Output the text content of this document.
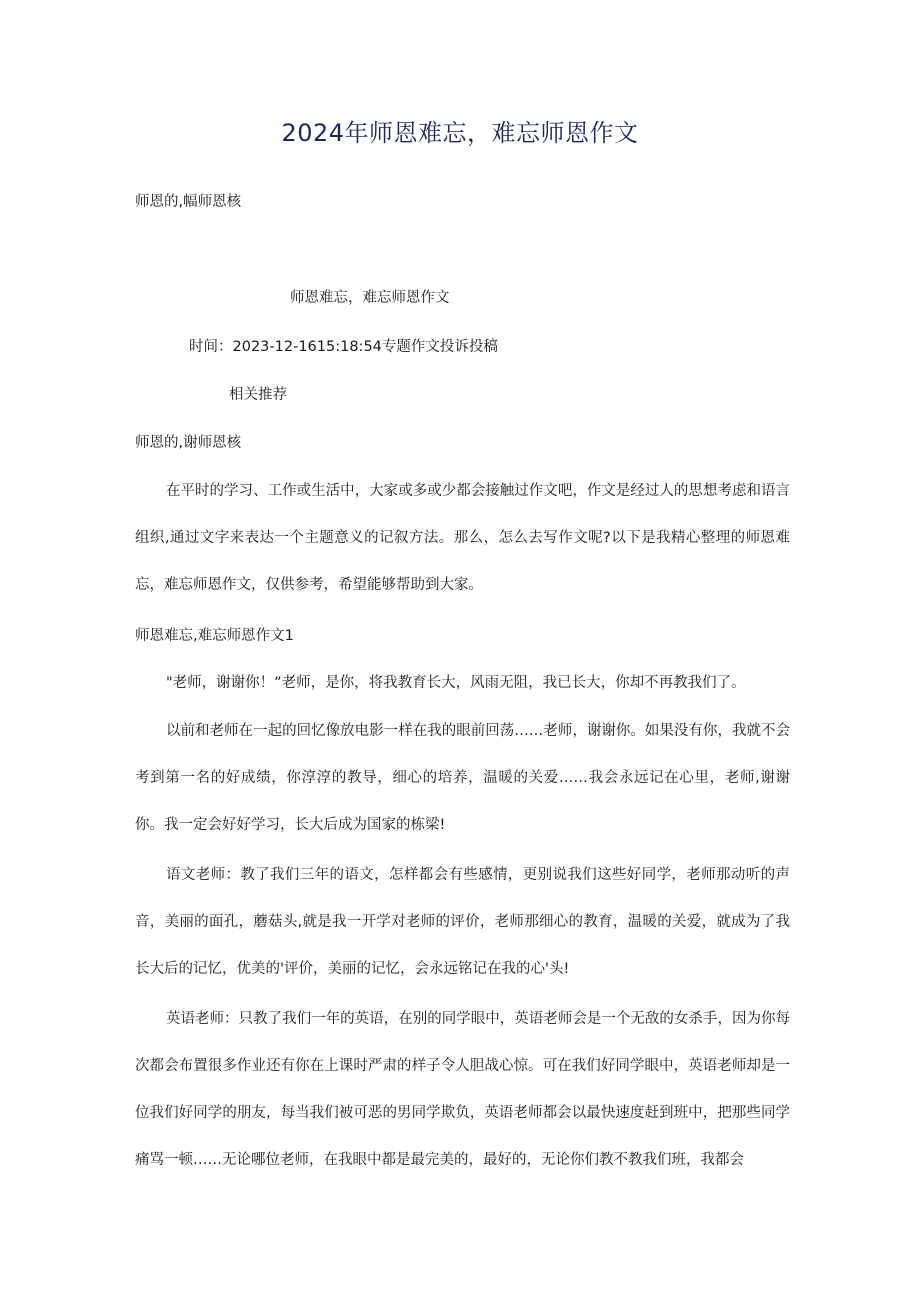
2024年师恩难忘，难忘师恩作文

师恩的,幅师恩核

师恩难忘，难忘师恩作文

时间：2023-12-1615:18:54专题作文投诉投稿

相关推荐

师恩的,谢师恩核

在平时的学习、工作或生活中，大家或多或少都会接触过作文吧，作文是经过人的思想考虑和语言组织,通过文字来表达一个主题意义的记叙方法。那么，怎么去写作文呢?以下是我精心整理的师恩难忘，难忘师恩作文，仅供参考，希望能够帮助到大家。

师恩难忘,难忘师恩作文1

"老师，谢谢你！”老师，是你，将我教育长大，风雨无阻，我已长大，你却不再教我们了。

以前和老师在一起的回忆像放电影一样在我的眼前回荡……老师，谢谢你。如果没有你，我就不会考到第一名的好成绩，你淳淳的教导，细心的培养，温暖的关爱……我会永远记在心里，老师,谢谢你。我一定会好好学习，长大后成为国家的栋梁!

语文老师：教了我们三年的语文，怎样都会有些感情，更别说我们这些好同学，老师那动听的声音，美丽的面孔，蘑菇头,就是我一开学对老师的评价，老师那细心的教育，温暖的关爱，就成为了我长大后的记忆，优美的'评价，美丽的记忆，会永远铭记在我的心'头!

英语老师：只教了我们一年的英语，在别的同学眼中，英语老师会是一个无敌的女杀手，因为你每次都会布置很多作业还有你在上课时严肃的样子令人胆战心惊。可在我们好同学眼中，英语老师却是一位我们好同学的朋友，每当我们被可恶的男同学欺负，英语老师都会以最快速度赶到班中，把那些同学痛骂一顿……无论哪位老师，在我眼中都是最完美的，最好的，无论你们教不教我们班，我都会
